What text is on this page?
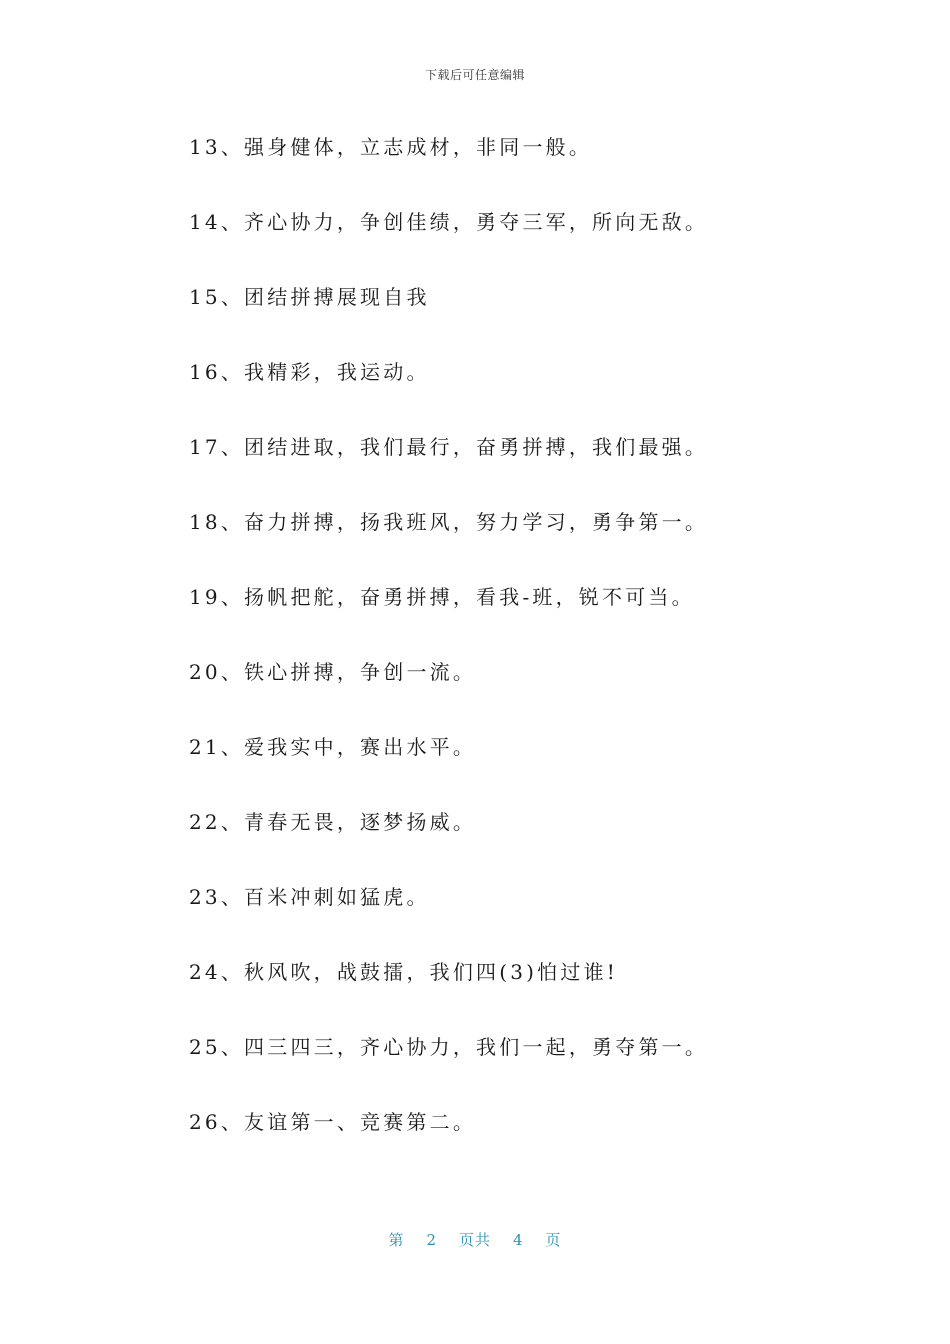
下载后可任意编辑
13、强身健体，立志成材，非同一般。
14、齐心协力，争创佳绩，勇夺三军，所向无敌。
15、团结拼搏展现自我
16、我精彩，我运动。
17、团结进取，我们最行，奋勇拼搏，我们最强。
18、奋力拼搏，扬我班风，努力学习，勇争第一。
19、扬帆把舵，奋勇拼搏，看我-班，锐不可当。
20、铁心拼搏，争创一流。
21、爱我实中，赛出水平。
22、青春无畏，逐梦扬威。
23、百米冲刺如猛虎。
24、秋风吹，战鼓擂，我们四(3)怕过谁!
25、四三四三，齐心协力，我们一起，勇夺第一。
26、友谊第一、竞赛第二。
第 2 页共 4 页
